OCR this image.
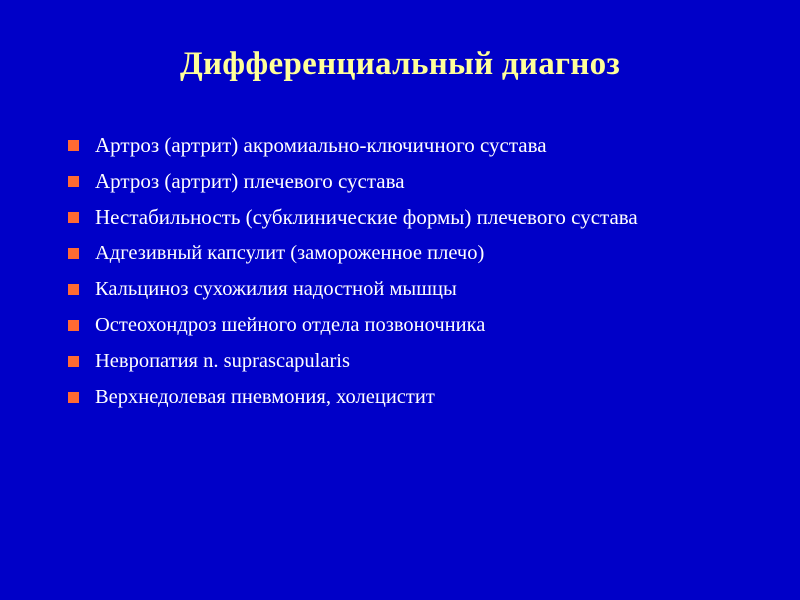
Дифференциальный диагноз
Артроз (артрит) акромиально-ключичного сустава
Артроз (артрит) плечевого сустава
Нестабильность (субклинические формы) плечевого сустава
Адгезивный капсулит (замороженное плечо)
Кальциноз сухожилия надостной мышцы
Остеохондроз шейного отдела позвоночника
Невропатия n. suprascapularis
Верхнедолевая пневмония, холецистит
